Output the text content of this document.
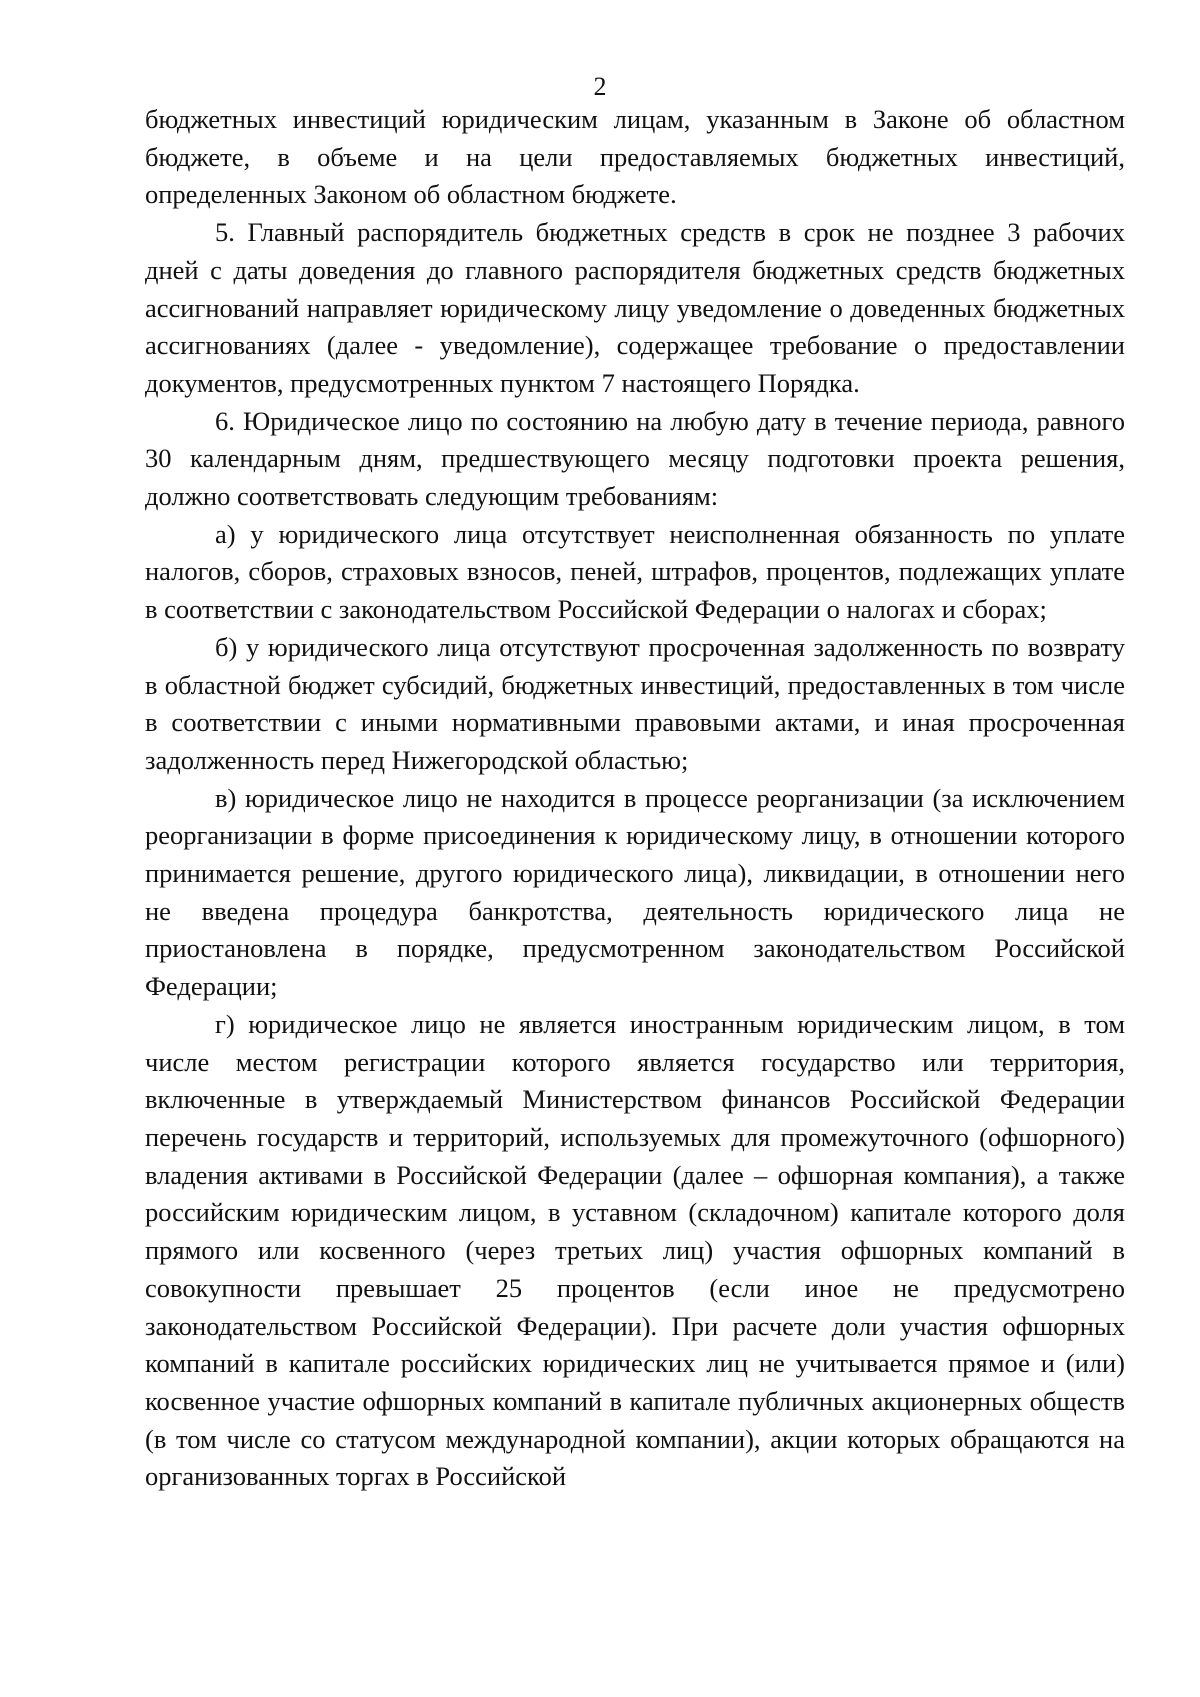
2

бюджетных инвестиций юридическим лицам, указанным в Законе об областном бюджете, в объеме и на цели предоставляемых бюджетных инвестиций, определенных Законом об областном бюджете.

5. Главный распорядитель бюджетных средств в срок не позднее 3 рабочих дней с даты доведения до главного распорядителя бюджетных средств бюджетных ассигнований направляет юридическому лицу уведомление о доведенных бюджетных ассигнованиях (далее - уведомление), содержащее требование о предоставлении документов, предусмотренных пунктом 7 настоящего Порядка.

6. Юридическое лицо по состоянию на любую дату в течение периода, равного 30 календарным дням, предшествующего месяцу подготовки проекта решения, должно соответствовать следующим требованиям:

а) у юридического лица отсутствует неисполненная обязанность по уплате налогов, сборов, страховых взносов, пеней, штрафов, процентов, подлежащих уплате в соответствии с законодательством Российской Федерации о налогах и сборах;

б) у юридического лица отсутствуют просроченная задолженность по возврату в областной бюджет субсидий, бюджетных инвестиций, предоставленных в том числе в соответствии с иными нормативными правовыми актами, и иная просроченная задолженность перед Нижегородской областью;

в) юридическое лицо не находится в процессе реорганизации (за исключением реорганизации в форме присоединения к юридическому лицу, в отношении которого принимается решение, другого юридического лица), ликвидации, в отношении него не введена процедура банкротства, деятельность юридического лица не приостановлена в порядке, предусмотренном законодательством Российской Федерации;

г) юридическое лицо не является иностранным юридическим лицом, в том числе местом регистрации которого является государство или территория, включенные в утверждаемый Министерством финансов Российской Федерации перечень государств и территорий, используемых для промежуточного (офшорного) владения активами в Российской Федерации (далее – офшорная компания), а также российским юридическим лицом, в уставном (складочном) капитале которого доля прямого или косвенного (через третьих лиц) участия офшорных компаний в совокупности превышает 25 процентов (если иное не предусмотрено законодательством Российской Федерации). При расчете доли участия офшорных компаний в капитале российских юридических лиц не учитывается прямое и (или) косвенное участие офшорных компаний в капитале публичных акционерных обществ (в том числе со статусом международной компании), акции которых обращаются на организованных торгах в Российской
